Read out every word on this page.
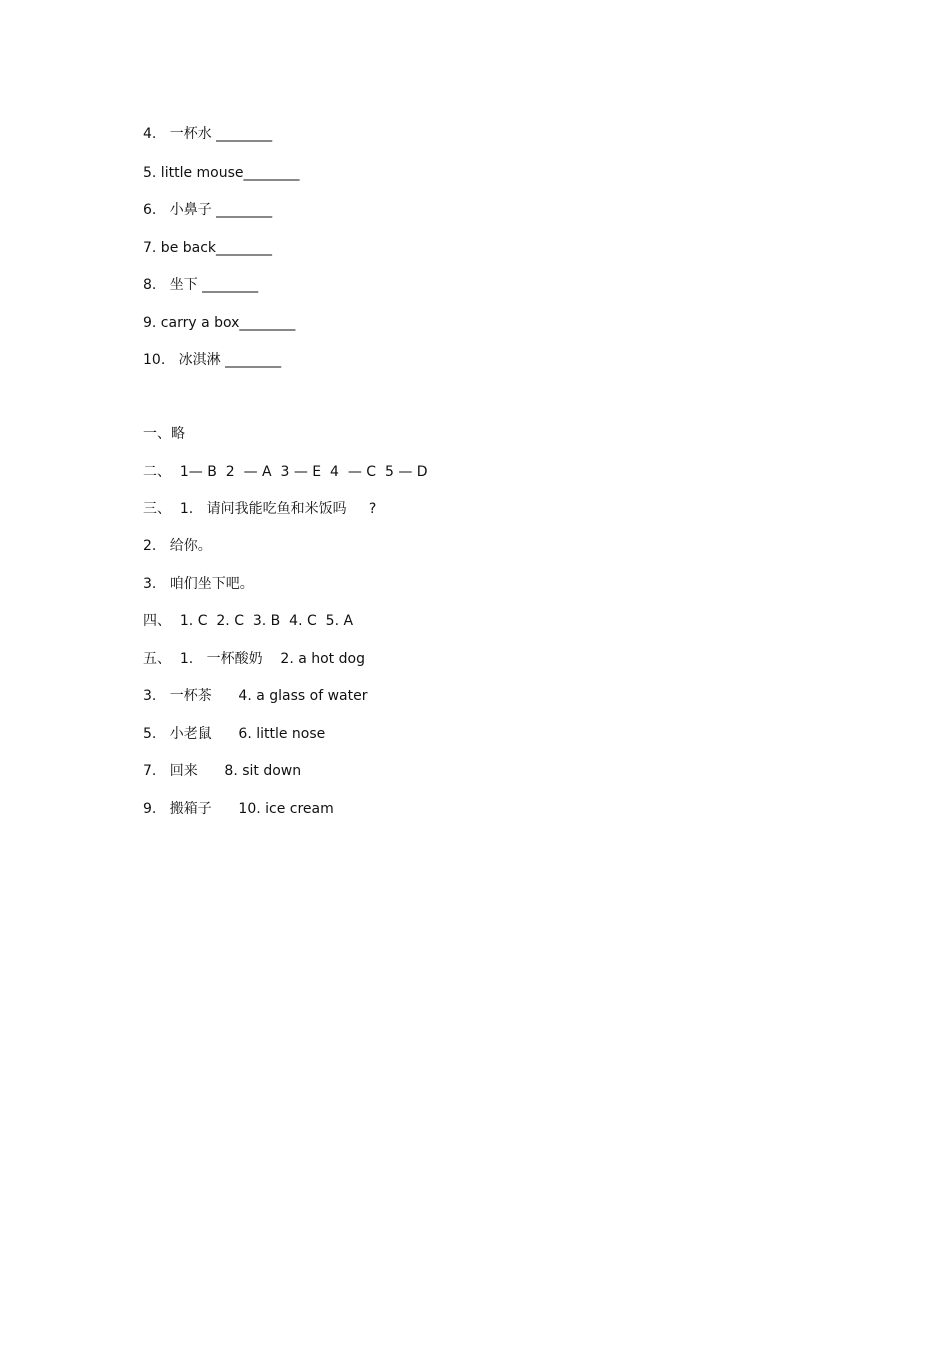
4.   一杯水 ________
5. little mouse________
6.   小鼻子 ________
7. be back________
8.   坐下 ________
9. carry a box________
10.   冰淇淋 ________
一、略
二、  1— B  2  — A  3 — E  4  — C  5 — D
三、  1.   请问我能吃鱼和米饭吗     ?
2.   给你。
3.   咱们坐下吧。
四、  1. C  2. C  3. B  4. C  5. A
五、  1.   一杯酸奶    2. a hot dog
3.   一杯茶      4. a glass of water
5.   小老鼠      6. little nose
7.   回来      8. sit down
9.   搬箱子      10. ice cream
